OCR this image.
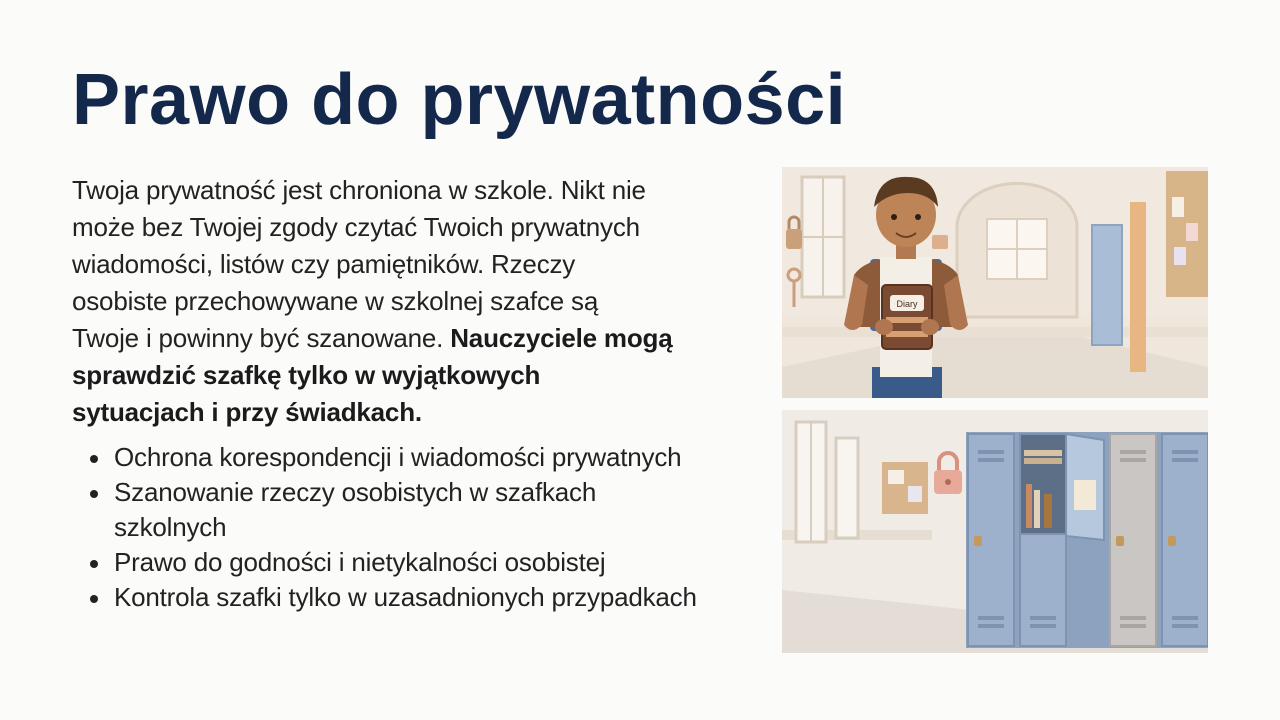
Prawo do prywatności

Twoja prywatność jest chroniona w szkole. Nikt nie
może bez Twojej zgody czytać Twoich prywatnych
wiadomości, listów czy pamiętników. Rzeczy
osobiste przechowywane w szkolnej szafce są
Twoje i powinny być szanowane. Nauczyciele mogą
sprawdzić szafkę tylko w wyjątkowych
sytuacjach i przy świadkach.

Ochrona korespondencji i wiadomości prywatnych
Szanowanie rzeczy osobistych w szafkach
szkolnych
Prawo do godności i nietykalności osobistej
Kontrola szafki tylko w uzasadnionych przypadkach
Diary
